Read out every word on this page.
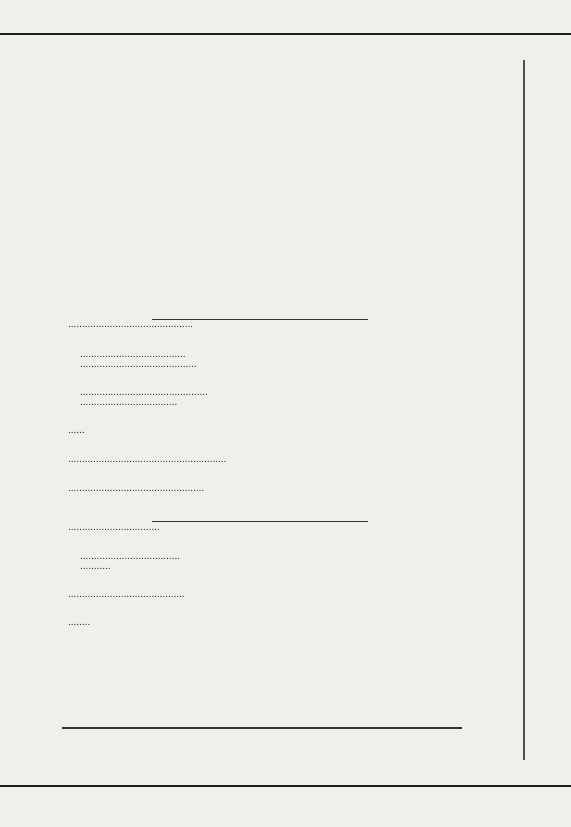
.............................................
......................................
..........................................
..............................................
...................................
......
.........................................................
.................................................
.................................
....................................
...........
..........................................
........
